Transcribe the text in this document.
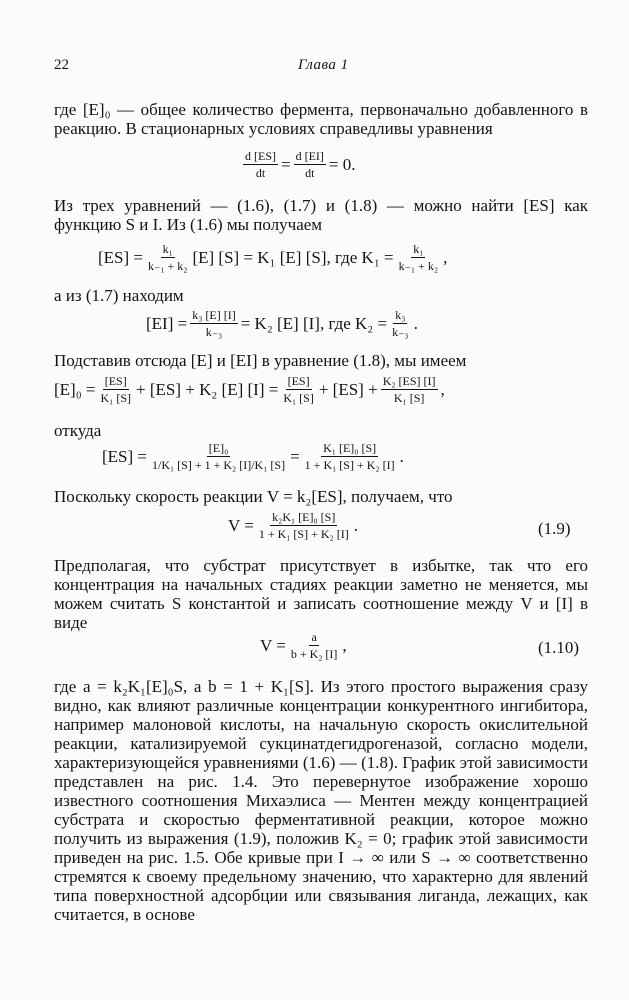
22	Глава 1
где [E]₀ — общее количество фермента, первоначально добавленного в реакцию. В стационарных условиях справедливы уравнения
$\frac{d [ES]}{dt} = \frac{d [EI]}{dt} = 0$.
Из трех уравнений — (1.6), (1.7) и (1.8) — можно найти [ES] как функцию S и I. Из (1.6) мы получаем
$[ES] = \frac{\text{k₁}}{\text{k₋₁ + k₂}} [E] [S] = K_1$ [E] [S], где $K_1 = \frac{\text{k₁}}{\text{k₋₁ + k₂}}$ ,
а из (1.7) находим
$[EI] = \frac{\text{k₃ [E] [I]}}{\text{k₋₃}} = K_2$ [E] [I], где $K_2 = \frac{\text{k₃}}{\text{k₋₃}}$ .
Подставив отсюда [E] и [EI] в уравнение (1.8), мы имеем
$[E]_0 = \frac{[ES]}{\text{K₁ [S]}} + [ES] + K_2$ [E] $[I] = \frac{[ES]}{\text{K₁ [S]}} + [ES] + \frac{\text{K₂ [ES] [I]}}{\text{K₁ [S]}}$ ,
откуда
$[ES] = \frac{\text{[E]₀}}{\text{1/K₁ [S] + 1 + K₂ [I]/K₁ [S]}} = \frac{\text{K₁ [E]₀ [S]}}{\text{1 + K₁ [S] + K₂ [I]}}$ .
Поскольку скорость реакции V = k₂[ES], получаем, что
$V = \frac{\text{k₂K₁ [E]₀ [S]}}{\text{1 + K₁ [S] + K₂ [I]}}$ .	(1.9)
Предполагая, что субстрат присутствует в избытке, так что его концентрация на начальных стадиях реакции заметно не меняется, мы можем считать S константой и записать соотношение между V и [I] в виде
$V = \frac{a}{\text{b + K₂ [I]}}$ ,	(1.10)
где a = k₂K₁[E]₀S, а b = 1 + K₁[S]. Из этого простого выражения сразу видно, как влияют различные концентрации конкурентного ингибитора, например малоновой кислоты, на начальную скорость окислительной реакции, катализируемой сукцинатдегидрогеназой, согласно модели, характеризующейся уравнениями (1.6) — (1.8). График этой зависимости представлен на рис. 1.4. Это перевернутое изображение хорошо известного соотношения Михаэлиса — Ментен между концентрацией субстрата и скоростью ферментативной реакции, которое можно получить из выражения (1.9), положив K₂ = 0; график этой зависимости приведен на рис. 1.5. Обе кривые при I → ∞ или S → ∞ соответственно стремятся к своему предельному значению, что характерно для явлений типа поверхностной адсорбции или связывания лиганда, лежащих, как считается, в основе
